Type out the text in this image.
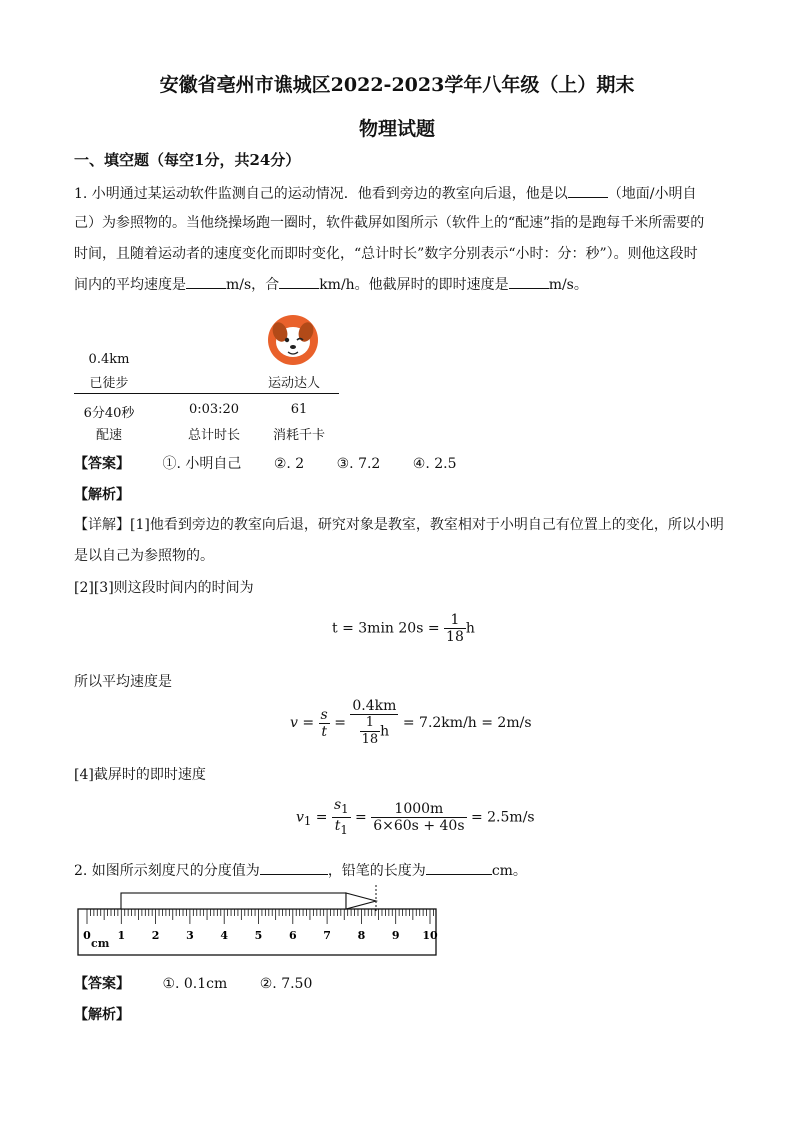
安徽省亳州市谯城区2022-2023学年八年级（上）期末
物理试题
一、填空题（每空1分，共24分）
1. 小明通过某运动软件监测自己的运动情况．他看到旁边的教室向后退，他是以	（地面/小明自
己）为参照物的。当他绕操场跑一圈时，软件截屏如图所示（软件上的“配速”指的是跑每千米所需要的
时间，且随着运动者的速度变化而即时变化，“总计时长”数字分别表示“小时：分：秒”）。则他这段时
间内的平均速度是	m/s，合	km/h。他截屏时的即时速度是	m/s。
0.4km
已徒步	运动达人
6分40秒
配速
0:03:20
总计时长
61
消耗千卡
【答案】 ①. 小明自己 ②. 2 ③. 7.2 ④. 2.5
【解析】
【详解】[1]他看到旁边的教室向后退，研究对象是教室，教室相对于小明自己有位置上的变化，所以小明
是以自己为参照物的。
[2][3]则这段时间内的时间为
t = 3min $20s = \frac{1}{18}$ h
所以平均速度是
$v = \frac{s}{t} = \frac{0.4km}{\frac{1}{18} h} = 7.2km/h = 2m/s$
[4]截屏时的即时速度
$v_1 = \frac{s_1}{t_1} = \frac{1000m}{6\times 60s + 40s} = 2.5m/s$
2. 如图所示刻度尺的分度值为	，铅笔的长度为	cm。
0 1 2 3 4 5 6 7 8 9 10
cm
【答案】 ①. 0.1cm ②. 7.50
【解析】
